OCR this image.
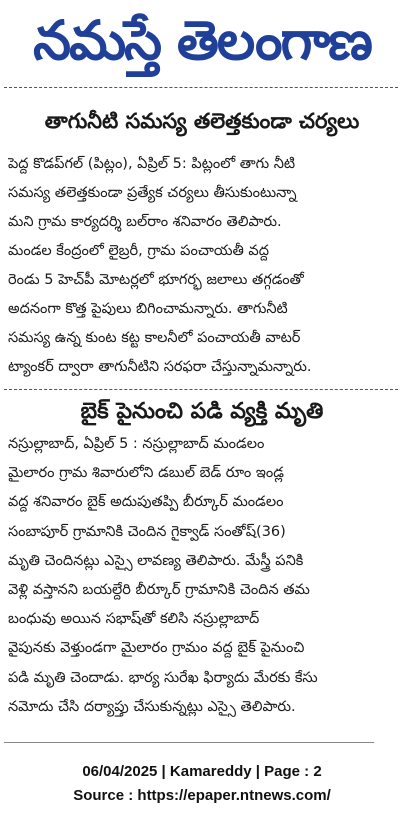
నమస్తే తెలంగాణ
తాగునీటి సమస్య తలెత్తకుండా చర్యలు
పెద్ద కొడప్‌గల్ (పిట్లం), ఏప్రిల్ 5: పిట్లంలో తాగు నీటి
సమస్య తలెత్తకుండా ప్రత్యేక చర్యలు తీసుకుంటున్నా
మని గ్రామ కార్యదర్శి బల్‌రాం శనివారం తెలిపారు.
మండల కేంద్రంలో లైబ్రరీ, గ్రామ పంచాయతీ వద్ద
రెండు 5 హెచ్‌పీ మోటర్లలో భూగర్భ జలాలు తగ్గడంతో
అదనంగా కొత్త పైపులు బిగించామన్నారు. తాగునీటి
సమస్య ఉన్న కుంట కట్ట కాలనీలో పంచాయతీ వాటర్
ట్యాంకర్ ద్వారా తాగునీటిని సరఫరా చేస్తున్నామన్నారు.
బైక్ పైనుంచి పడి వ్యక్తి మృతి
నస్రుల్లాబాద్, ఏప్రిల్ 5 : నస్రుల్లాబాద్ మండలం
మైలారం గ్రామ శివారులోని డబుల్ బెడ్ రూం ఇండ్ల
వద్ద శనివారం బైక్ అదుపుతప్పి బీర్కూర్ మండలం
సంబాపూర్ గ్రామానికి చెందిన గైక్వాడ్ సంతోష్(36)
మృతి చెందినట్లు ఎస్సై లావణ్య తెలిపారు. మేస్త్రీ పనికి
వెళ్లి వస్తానని బయల్దేరి బీర్కూర్ గ్రామానికి చెందిన తమ
బంధువు అయిన సభాష్‌తో కలిసి నస్రుల్లాబాద్
వైపునకు వెళ్తుండగా మైలారం గ్రామం వద్ద బైక్ పైనుంచి
పడి మృతి చెందాడు. భార్య సురేఖ ఫిర్యాదు మేరకు కేసు
నమోదు చేసి దర్యాప్తు చేసుకున్నట్లు ఎస్సై తెలిపారు.
06/04/2025 | Kamareddy | Page : 2
Source : https://epaper.ntnews.com/
